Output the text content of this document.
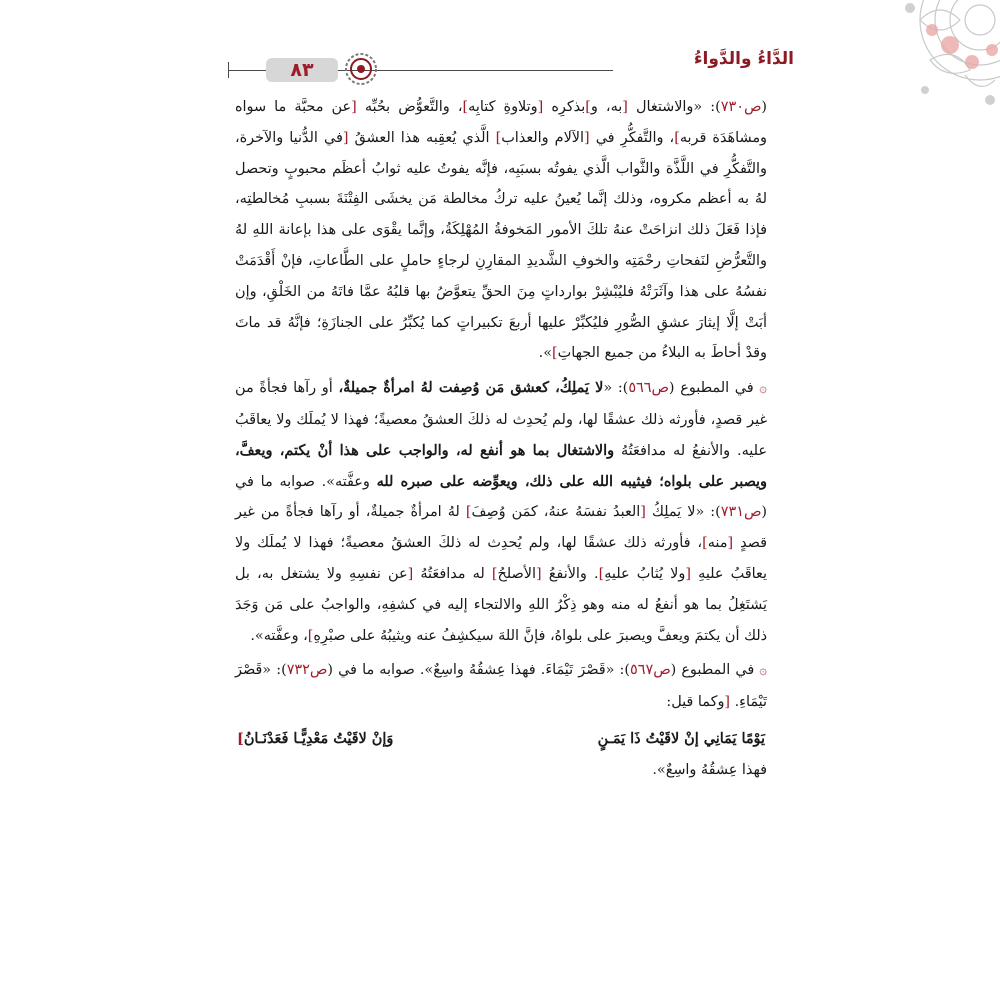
٨٣	الدَّاءُ والدَّواءُ

(ص٧٣٠): «والاشتغال [به، و]بذكرِه [وتلاوةِ كتابِه]، والتَّعوُّض بحُبِّه [عن محبَّة ما سواه ومشاهَدَة قربه]، والتَّفكُّرِ في [الآلام والعذاب] الَّذي يُعقِبه هذا العشقُ [في الدُّنيا والآخرة، والتَّفكُّرِ في اللَّذَّة والثَّواب الَّذي يفوتُه بسبَبِه، فإنَّه يفوتُ عليه ثوابُ أعظَم محبوبٍ وتحصل لهُ به أعظم مكروه، وذلك إنَّما يُعينُ عليه تركُ مخالطة مَن يخشَى الفِتْنَةَ بسببِ مُخالطتِه، فإذا فَعَلَ ذلك انزاحَتْ عنهُ تلكَ الأمور المَخوفةُ المُهْلِكَةُ، وإنَّما يقْوَى على هذا بإعانة اللهِ لهُ والتَّعرُّضِ لنَفحاتِ رحْمَتِه والخوفِ الشَّديدِ المقارِنِ لرجاءٍ حاملٍ على الطَّاعاتِ، فإنْ أَقْدَمَتْ نفسُهُ على هذا وآثَرَتْهُ فليُبْشِرْ بوارداتٍ مِنَ الحقِّ يتعوَّضُ بها قلبُهُ عمَّا فاتَهُ من الخَلْقِ، وإن أبَتْ إلَّا إيثارَ عشقِ الصُّورِ فليُكبِّرْ عليها أربعَ تكبيراتٍ كما يُكبِّرُ على الجنازَةِ؛ فإنَّهُ قد ماتَ وقدْ أحاطَ به البلاءُ من جميع الجهاتِ]».

۞ في المطبوع (ص٥٦٦): «لا يَملِكُ، كعشق مَن وُصِفت لهُ امرأةٌ جميلةٌ، أو رآها فجأةً من غير قصدٍ، فأورثه ذلك عشقًا لها، ولم يُحدِث له ذلكَ العشقُ معصيةً؛ فهذا لا يُملَك ولا يعاقَبُ عليه. والأنفعُ له مدافعَتُهُ والاشتغال بما هو أنفع له، والواجب على هذا أنْ يكتم، ويعفَّ، ويصبر على بلواه؛ فيثيبه الله على ذلك، ويعوِّضه على صبره لله وعفَّته». صوابه ما في (ص٧٣١): «لا يَملِكُ [العبدُ نفسَهُ عنهُ، كمَن وُصِفَ] لهُ امرأةٌ جميلةٌ، أو رآها فجأةً من غير قصدٍ [منه]، فأورثه ذلك عشقًا لها، ولم يُحدِث له ذلكَ العشقُ معصيةً؛ فهذا لا يُملَك ولا يعاقَبُ عليهِ [ولا يُثابُ عليهِ]. والأنفعُ [الأصلحُ] له مدافعَتُهُ [عن نفسِهِ ولا يشتغل به، بل يَشتَغِلُ بما هو أنفعُ له منه وهو ذِكْرُ اللهِ والالتجاء إليه في كشفِهِ، والواجبُ على مَن وَجَدَ ذلك أن يكتمَ ويعفَّ ويصبرَ على بلواهُ، فإنَّ اللهَ سيكشِفُ عنه ويثيبُهُ على صبْرِهِ]، وعفَّته».

۞ في المطبوع (ص٥٦٧): «قَصْرَ تَيْمَاءَ. فهذا عِشقُهُ واسِعٌ». صوابه ما في (ص٧٣٢): «قَصْرَ تَيْمَاءِ. [وكما قيل:

يَوْمًا يَمَانِي إنْ لاقَيْتُ ذَا يَمَـنٍ
وَإنْ لاقَيْتُ مَعْدِيًّـا فَعَدْنَـانُ]

فهذا عِشقُهُ واسِعٌ».
